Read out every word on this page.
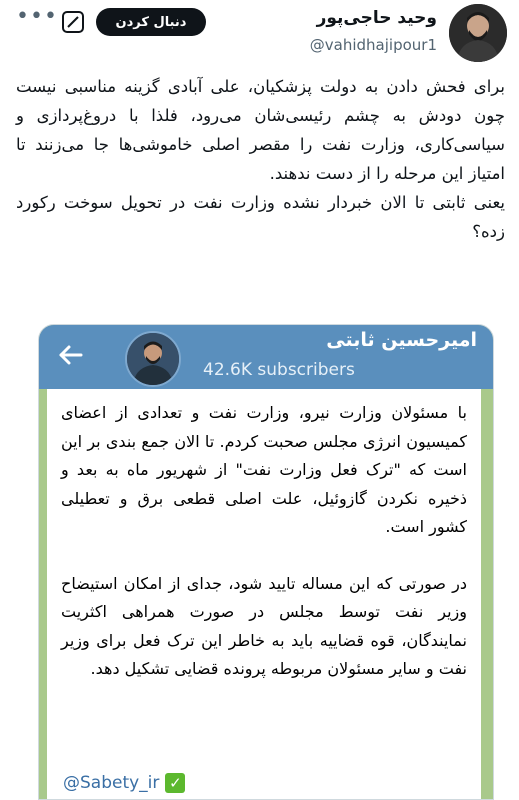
وحید حاجی‌پور
@vahidhajipour1
دنبال کردن
•••

برای فحش دادن به دولت پزشکیان، علی آبادی گزینه مناسبی نیست چون دودش به چشم رئیسی‌شان می‌رود، فلذا با دروغ‌پردازی و سیاسی‌کاری، وزارت نفت را مقصر اصلی خاموشی‌ها جا می‌زنند تا امتیاز این مرحله را از دست ندهند.

یعنی ثابتی تا الان خبردار نشده وزارت نفت در تحویل سوخت رکورد زده؟

امیرحسین ثابتی
42.6K subscribers

با مسئولان وزارت نیرو، وزارت نفت و تعدادی از اعضای کمیسیون انرژی مجلس صحبت کردم. تا الان جمع بندی بر این است که "ترک فعل وزارت نفت" از شهریور ماه به بعد و ذخیره نکردن گازوئیل، علت اصلی قطعی برق و تعطیلی کشور است.

در صورتی که این مساله تایید شود، جدای از امکان استیضاح وزیر نفت توسط مجلس در صورت همراهی اکثریت نمایندگان، قوه قضاییه باید به خاطر این ترک فعل برای وزیر نفت و سایر مسئولان مربوطه پرونده قضایی تشکیل دهد.

@Sabety_ir ✓
